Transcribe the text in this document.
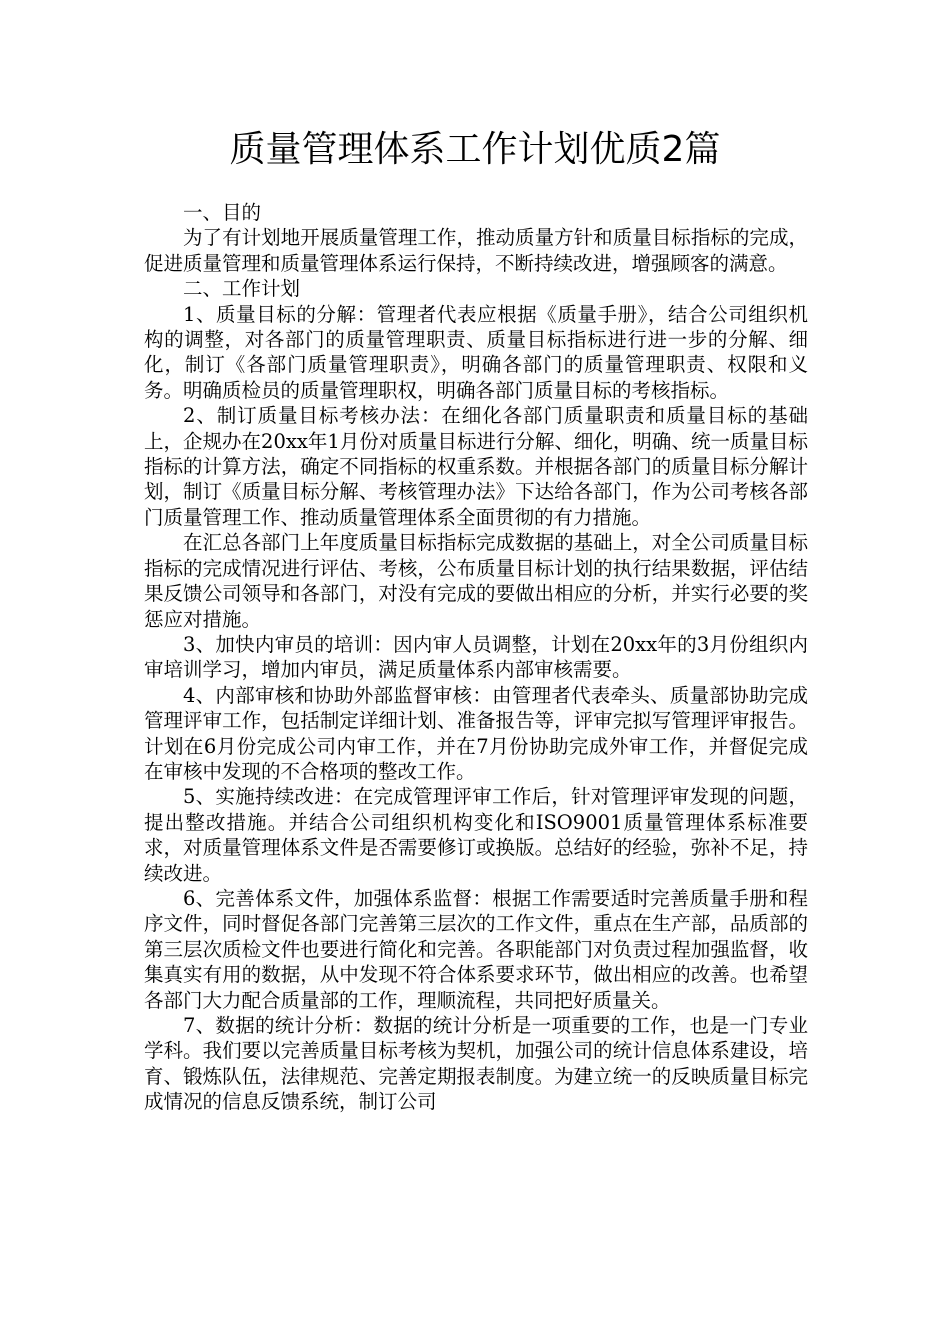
质量管理体系工作计划优质2篇

一、目的

为了有计划地开展质量管理工作，推动质量方针和质量目标指标的完成，促进质量管理和质量管理体系运行保持，不断持续改进，增强顾客的满意。

二、工作计划

1、质量目标的分解：管理者代表应根据《质量手册》，结合公司组织机构的调整，对各部门的质量管理职责、质量目标指标进行进一步的分解、细化，制订《各部门质量管理职责》，明确各部门的质量管理职责、权限和义务。明确质检员的质量管理职权，明确各部门质量目标的考核指标。

2、制订质量目标考核办法：在细化各部门质量职责和质量目标的基础上，企规办在20xx年1月份对质量目标进行分解、细化，明确、统一质量目标指标的计算方法，确定不同指标的权重系数。并根据各部门的质量目标分解计划，制订《质量目标分解、考核管理办法》下达给各部门，作为公司考核各部门质量管理工作、推动质量管理体系全面贯彻的有力措施。

在汇总各部门上年度质量目标指标完成数据的基础上，对全公司质量目标指标的完成情况进行评估、考核，公布质量目标计划的执行结果数据，评估结果反馈公司领导和各部门，对没有完成的要做出相应的分析，并实行必要的奖惩应对措施。

3、加快内审员的培训：因内审人员调整，计划在20xx年的3月份组织内审培训学习，增加内审员，满足质量体系内部审核需要。

4、内部审核和协助外部监督审核：由管理者代表牵头、质量部协助完成管理评审工作，包括制定详细计划、准备报告等，评审完拟写管理评审报告。计划在6月份完成公司内审工作，并在7月份协助完成外审工作，并督促完成在审核中发现的不合格项的整改工作。

5、实施持续改进：在完成管理评审工作后，针对管理评审发现的问题，提出整改措施。并结合公司组织机构变化和ISO9001质量管理体系标准要求，对质量管理体系文件是否需要修订或换版。总结好的经验，弥补不足，持续改进。

6、完善体系文件，加强体系监督：根据工作需要适时完善质量手册和程序文件，同时督促各部门完善第三层次的工作文件，重点在生产部，品质部的第三层次质检文件也要进行简化和完善。各职能部门对负责过程加强监督，收集真实有用的数据，从中发现不符合体系要求环节，做出相应的改善。也希望各部门大力配合质量部的工作，理顺流程，共同把好质量关。

7、数据的统计分析：数据的统计分析是一项重要的工作，也是一门专业学科。我们要以完善质量目标考核为契机，加强公司的统计信息体系建设，培育、锻炼队伍，法律规范、完善定期报表制度。为建立统一的反映质量目标完成情况的信息反馈系统，制订公司
